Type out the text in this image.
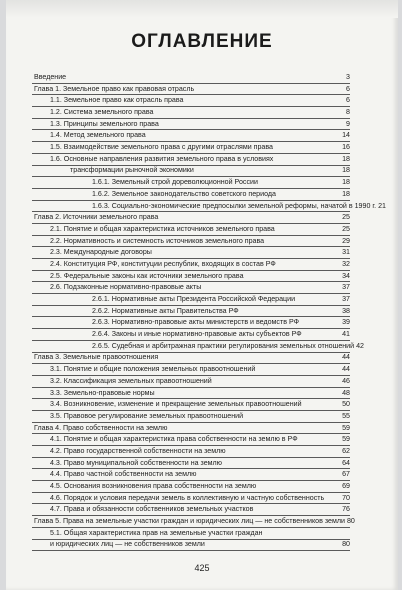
ОГЛАВЛЕНИЕ
Введение	3
Глава 1. Земельное право как правовая отрасль	6
1.1. Земельное право как отрасль права	6
1.2. Система земельного права	8
1.3. Принципы земельного права	9
1.4. Метод земельного права	14
1.5. Взаимодействие земельного права с другими отраслями права	16
1.6. Основные направления развития земельного права в условиях	18
трансформации рыночной экономики	18
1.6.1. Земельный строй дореволюционной России	18
1.6.2. Земельное законодательство советского периода	18
1.6.3. Социально-экономические предпосылки земельной реформы, начатой в 1990 г. 21
Глава 2. Источники земельного права	25
2.1. Понятие и общая характеристика источников земельного права	25
2.2. Нормативность и системность источников земельного права	29
2.3. Международные договоры	31
2.4. Конституция РФ, конституции республик, входящих в состав РФ	32
2.5. Федеральные законы как источники земельного права	34
2.6. Подзаконные нормативно-правовые акты	37
2.6.1. Нормативные акты Президента Российской Федерации	37
2.6.2. Нормативные акты Правительства РФ	38
2.6.3. Нормативно-правовые акты министерств и ведомств РФ	39
2.6.4. Законы и иные нормативно-правовые акты субъектов РФ	41
2.6.5. Судебная и арбитражная практики регулирования земельных отношений 42
Глава 3. Земельные правоотношения	44
3.1. Понятие и общие положения земельных правоотношений	44
3.2. Классификация земельных правоотношений	46
3.3. Земельно-правовые нормы	48
3.4. Возникновение, изменение и прекращение земельных правоотношений	50
3.5. Правовое регулирование земельных правоотношений	55
Глава 4. Право собственности на землю	59
4.1. Понятие и общая характеристика права собственности на землю в РФ	59
4.2. Право государственной собственности на землю	62
4.3. Право муниципальной собственности на землю	64
4.4. Право частной собственности на землю	67
4.5. Основания возникновения права собственности на землю	69
4.6. Порядок и условия передачи земель в коллективную и частную собственность	70
4.7. Права и обязанности собственников земельных участков	76
Глава 5. Права на земельные участки граждан и юридических лиц — не собственников земли 80
5.1. Общая характеристика прав на земельные участки граждан
и юридических лиц — не собственников земли	80
425
